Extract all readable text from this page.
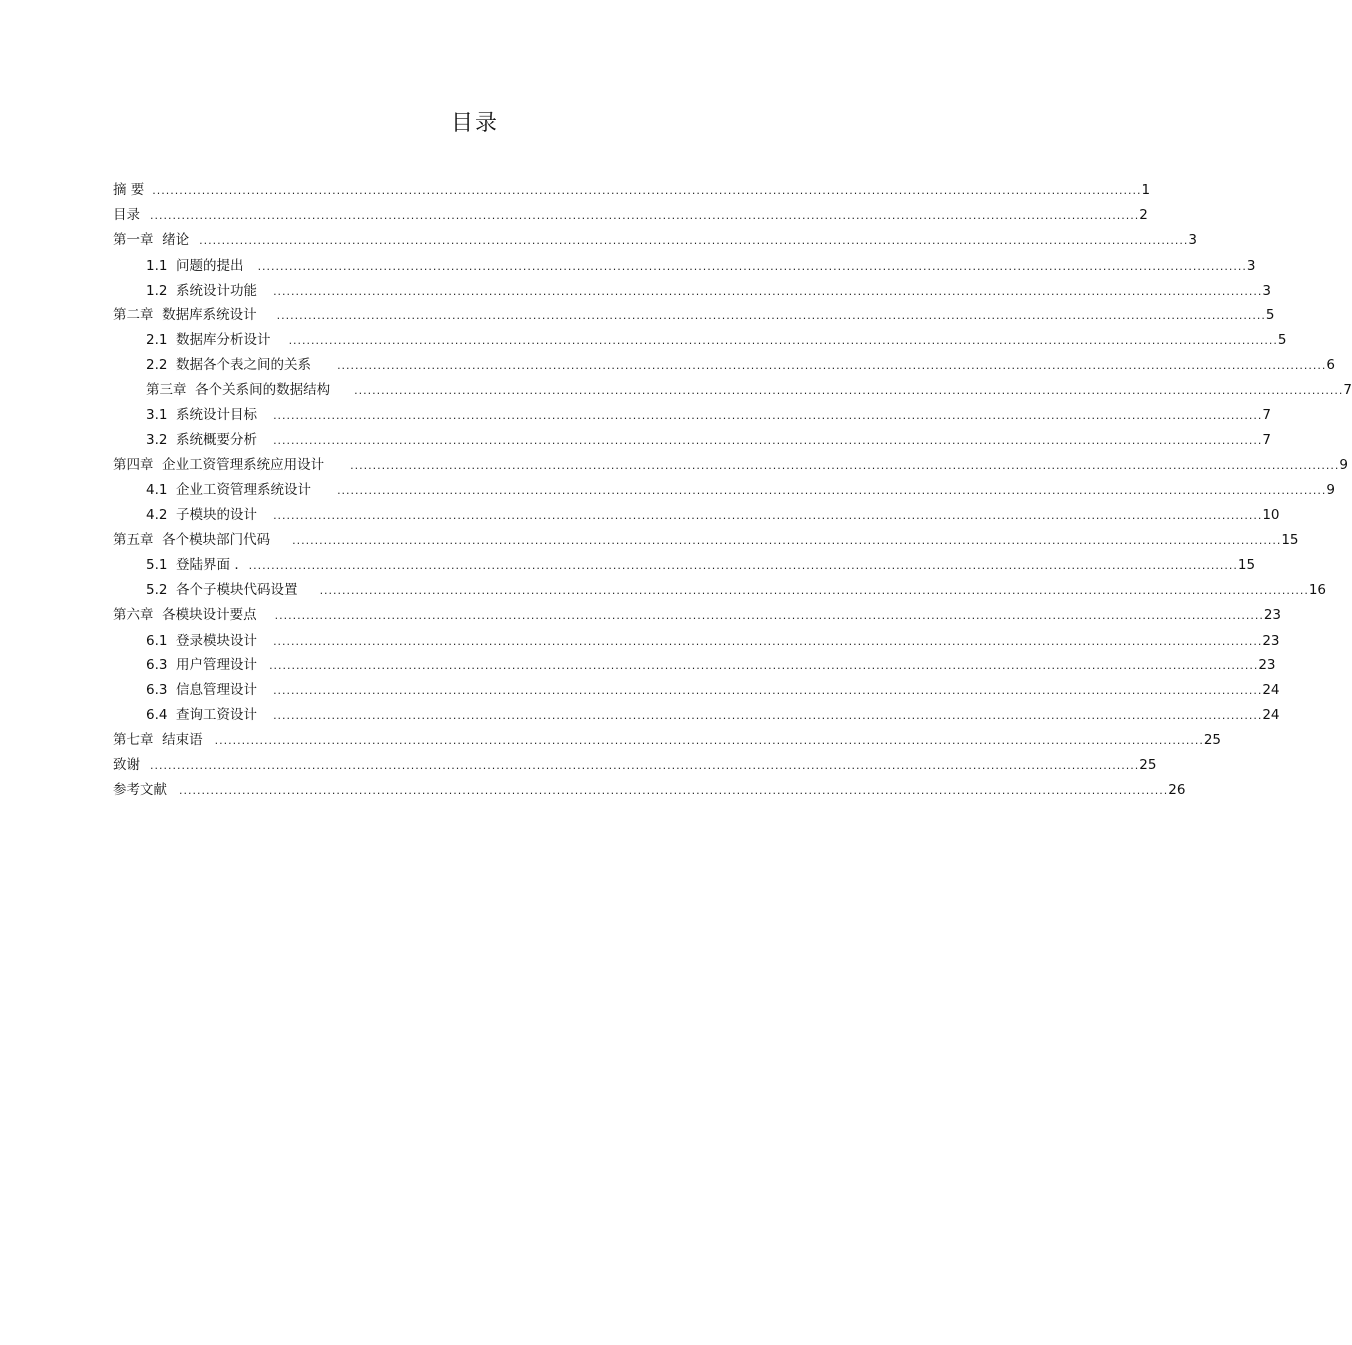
目录
摘 要 ............................................................................................................................................................................................................................ 1
目录 ............................................................................................................................................................................................................................ 2
第一章  绪论 ............................................................................................................................................................................................................................ 3
1.1  问题的提出 ............................................................................................................................................................................................................................ 3
1.2  系统设计功能 ............................................................................................................................................................................................................................ 3
第二章  数据库系统设计 ............................................................................................................................................................................................................................ 5
2.1  数据库分析设计 ............................................................................................................................................................................................................................ 5
2.2  数据各个表之间的关系 ............................................................................................................................................................................................................................ 6
第三章  各个关系间的数据结构 ............................................................................................................................................................................................................................ 7
3.1  系统设计目标 ............................................................................................................................................................................................................................ 7
3.2  系统概要分析 ............................................................................................................................................................................................................................ 7
第四章  企业工资管理系统应用设计 ............................................................................................................................................................................................................................ 9
4.1  企业工资管理系统设计 ............................................................................................................................................................................................................................ 9
4.2  子模块的设计 ............................................................................................................................................................................................................................ 10
第五章  各个模块部门代码 ............................................................................................................................................................................................................................ 15
5.1  登陆界面 . ............................................................................................................................................................................................................................ 15
5.2  各个子模块代码设置 ............................................................................................................................................................................................................................ 16
第六章  各模块设计要点 ............................................................................................................................................................................................................................ 23
6.1  登录模块设计 ............................................................................................................................................................................................................................ 23
6.3  用户管理设计 ............................................................................................................................................................................................................................ 23
6.3  信息管理设计 ............................................................................................................................................................................................................................ 24
6.4  查询工资设计 ............................................................................................................................................................................................................................ 24
第七章  结束语 ............................................................................................................................................................................................................................ 25
致谢 ............................................................................................................................................................................................................................ 25
参考文献 ............................................................................................................................................................................................................................ 26
